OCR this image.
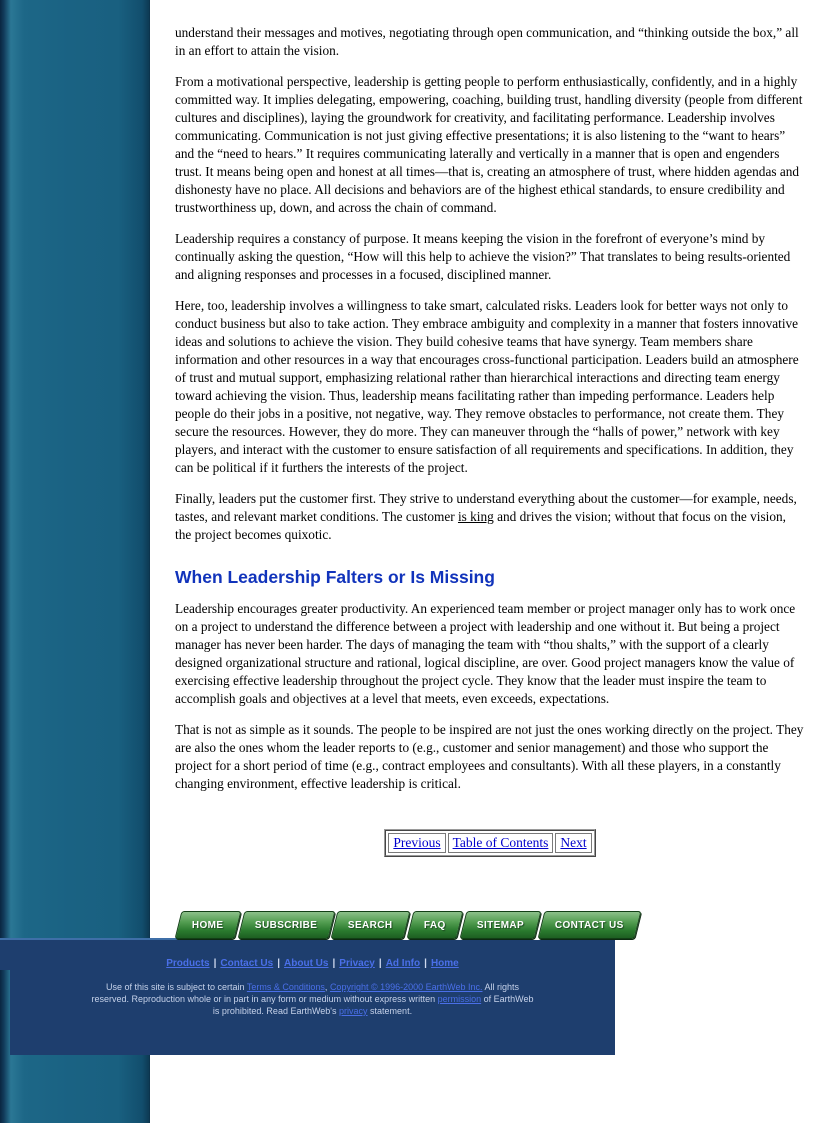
understand their messages and motives, negotiating through open communication, and “thinking outside the box,” all in an effort to attain the vision.

From a motivational perspective, leadership is getting people to perform enthusiastically, confidently, and in a highly committed way. It implies delegating, empowering, coaching, building trust, handling diversity (people from different cultures and disciplines), laying the groundwork for creativity, and facilitating performance. Leadership involves communicating. Communication is not just giving effective presentations; it is also listening to the “want to hears” and the “need to hears.” It requires communicating laterally and vertically in a manner that is open and engenders trust. It means being open and honest at all times—that is, creating an atmosphere of trust, where hidden agendas and dishonesty have no place. All decisions and behaviors are of the highest ethical standards, to ensure credibility and trustworthiness up, down, and across the chain of command.

Leadership requires a constancy of purpose. It means keeping the vision in the forefront of everyone’s mind by continually asking the question, “How will this help to achieve the vision?” That translates to being results-oriented and aligning responses and processes in a focused, disciplined manner.

Here, too, leadership involves a willingness to take smart, calculated risks. Leaders look for better ways not only to conduct business but also to take action. They embrace ambiguity and complexity in a manner that fosters innovative ideas and solutions to achieve the vision. They build cohesive teams that have synergy. Team members share information and other resources in a way that encourages cross-functional participation. Leaders build an atmosphere of trust and mutual support, emphasizing relational rather than hierarchical interactions and directing team energy toward achieving the vision. Thus, leadership means facilitating rather than impeding performance. Leaders help people do their jobs in a positive, not negative, way. They remove obstacles to performance, not create them. They secure the resources. However, they do more. They can maneuver through the “halls of power,” network with key players, and interact with the customer to ensure satisfaction of all requirements and specifications. In addition, they can be political if it furthers the interests of the project.

Finally, leaders put the customer first. They strive to understand everything about the customer—for example, needs, tastes, and relevant market conditions. The customer is king and drives the vision; without that focus on the vision, the project becomes quixotic.

When Leadership Falters or Is Missing

Leadership encourages greater productivity. An experienced team member or project manager only has to work once on a project to understand the difference between a project with leadership and one without it. But being a project manager has never been harder. The days of managing the team with “thou shalts,” with the support of a clearly designed organizational structure and rational, logical discipline, are over. Good project managers know the value of exercising effective leadership throughout the project cycle. They know that the leader must inspire the team to accomplish goals and objectives at a level that meets, even exceeds, expectations.

That is not as simple as it sounds. The people to be inspired are not just the ones working directly on the project. They are also the ones whom the leader reports to (e.g., customer and senior management) and those who support the project for a short period of time (e.g., contract employees and consultants). With all these players, in a constantly changing environment, effective leadership is critical.

Previous	Table of Contents	Next
HOME	SUBSCRIBE	SEARCH	FAQ	SITEMAP	CONTACT US
Products | Contact Us | About Us | Privacy | Ad Info | Home
Use of this site is subject to certain Terms & Conditions, Copyright © 1996-2000 EarthWeb Inc. All rights reserved. Reproduction whole or in part in any form or medium without express written permission of EarthWeb is prohibited. Read EarthWeb's privacy statement.
